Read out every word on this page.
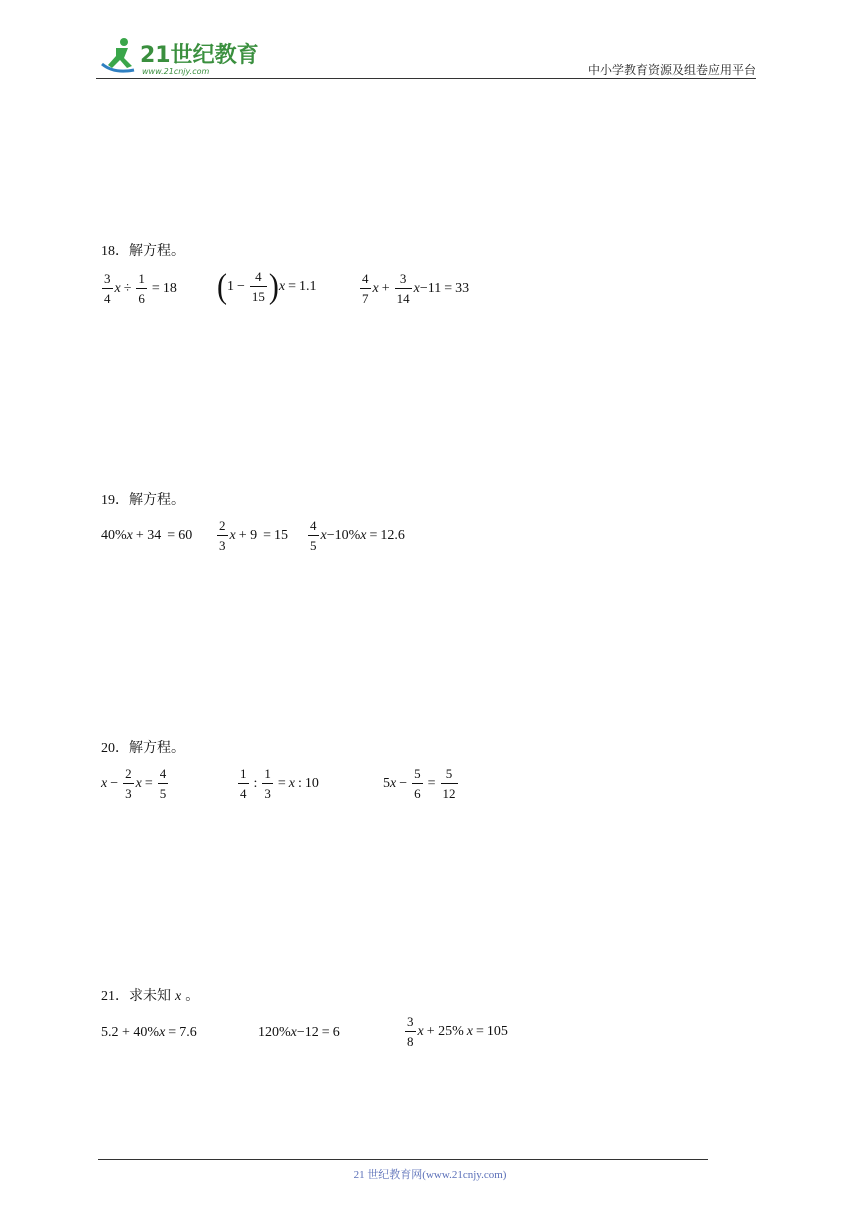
21世纪教育
www.21cnjy.com	中小学教育资源及组卷应用平台
18．解方程。
$\frac{3}{4}$ $x \div \frac{1}{6} = 18$ ( $1 - \frac{4}{15}$ ) x = 1.1	$\frac{4}{7}$ $x + \frac{3}{14}$ x −11 = 33
19．解方程。
40% $x + 34 = 60 \frac{2}{3}$ $x + 9 = 15 \frac{4}{5}$ x −10% x = 12.6
20．解方程。
$x - \frac{2}{3}$ $x = \frac{4}{5}$	$\frac{1}{4}$ : $\frac{1}{3} = x$ : 10	5 $x - \frac{5}{6} = \frac{5}{12}$
21．求未知 x 。
5.2 + 40% x = 7.6	120% x −12 = 6	$\frac{3}{8}$ x + 25% x = 105
21 世纪教育网(www.21cnjy.com)
